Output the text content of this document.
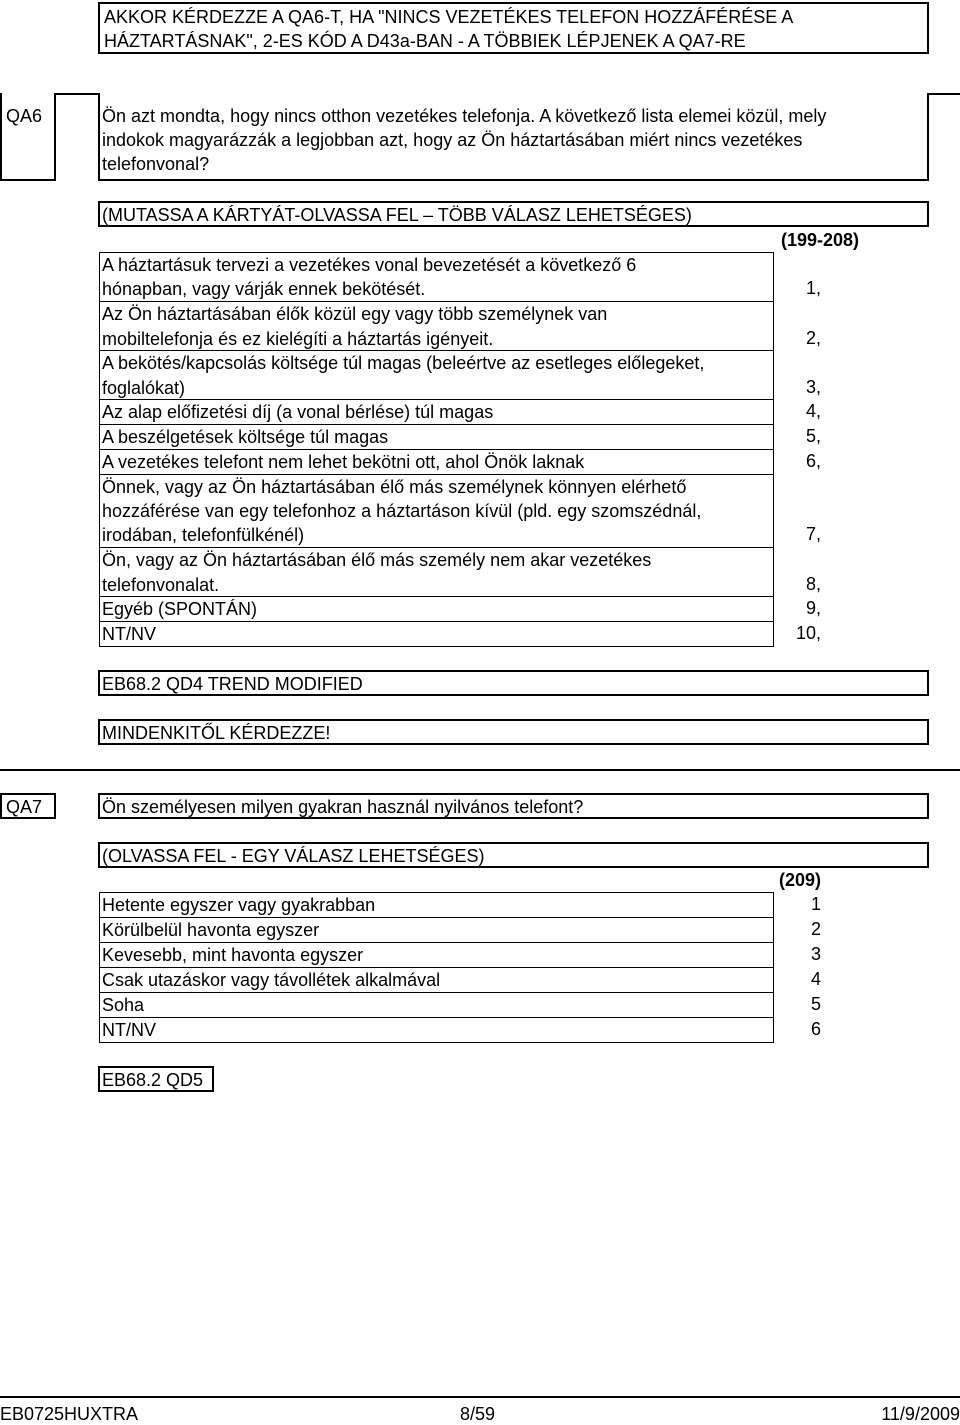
AKKOR KÉRDEZZE A QA6-T, HA "NINCS VEZETÉKES TELEFON HOZZÁFÉRÉSE A
HÁZTARTÁSNAK", 2-ES KÓD A D43a-BAN - A TÖBBIEK LÉPJENEK A QA7-RE
QA6	Ön azt mondta, hogy nincs otthon vezetékes telefonja. A következő lista elemei közül, mely
indokok magyarázzák a legjobban azt, hogy az Ön háztartásában miért nincs vezetékes
telefonvonal?
(MUTASSA A KÁRTYÁT-OLVASSA FEL – TÖBB VÁLASZ LEHETSÉGES)
(199-208)
A háztartásuk tervezi a vezetékes vonal bevezetését a következő 6
hónapban, vagy várják ennek bekötését.	1,
Az Ön háztartásában élők közül egy vagy több személynek van
mobiltelefonja és ez kielégíti a háztartás igényeit.	2,
A bekötés/kapcsolás költsége túl magas (beleértve az esetleges előlegeket,
foglalókat)	3,
Az alap előfizetési díj (a vonal bérlése) túl magas	4,
A beszélgetések költsége túl magas	5,
A vezetékes telefont nem lehet bekötni ott, ahol Önök laknak	6,
Önnek, vagy az Ön háztartásában élő más személynek könnyen elérhető
hozzáférése van egy telefonhoz a háztartáson kívül (pld. egy szomszédnál,
irodában, telefonfülkénél)	7,
Ön, vagy az Ön háztartásában élő más személy nem akar vezetékes
telefonvonalat.	8,
Egyéb (SPONTÁN)	9,
NT/NV	10,
EB68.2 QD4 TREND MODIFIED
MINDENKITŐL KÉRDEZZE!
QA7	Ön személyesen milyen gyakran használ nyilvános telefont?
(OLVASSA FEL - EGY VÁLASZ LEHETSÉGES)
(209)
Hetente egyszer vagy gyakrabban	1
Körülbelül havonta egyszer	2
Kevesebb, mint havonta egyszer	3
Csak utazáskor vagy távollétek alkalmával	4
Soha	5
NT/NV	6
EB68.2 QD5
EB0725HUXTRA	8/59	11/9/2009
